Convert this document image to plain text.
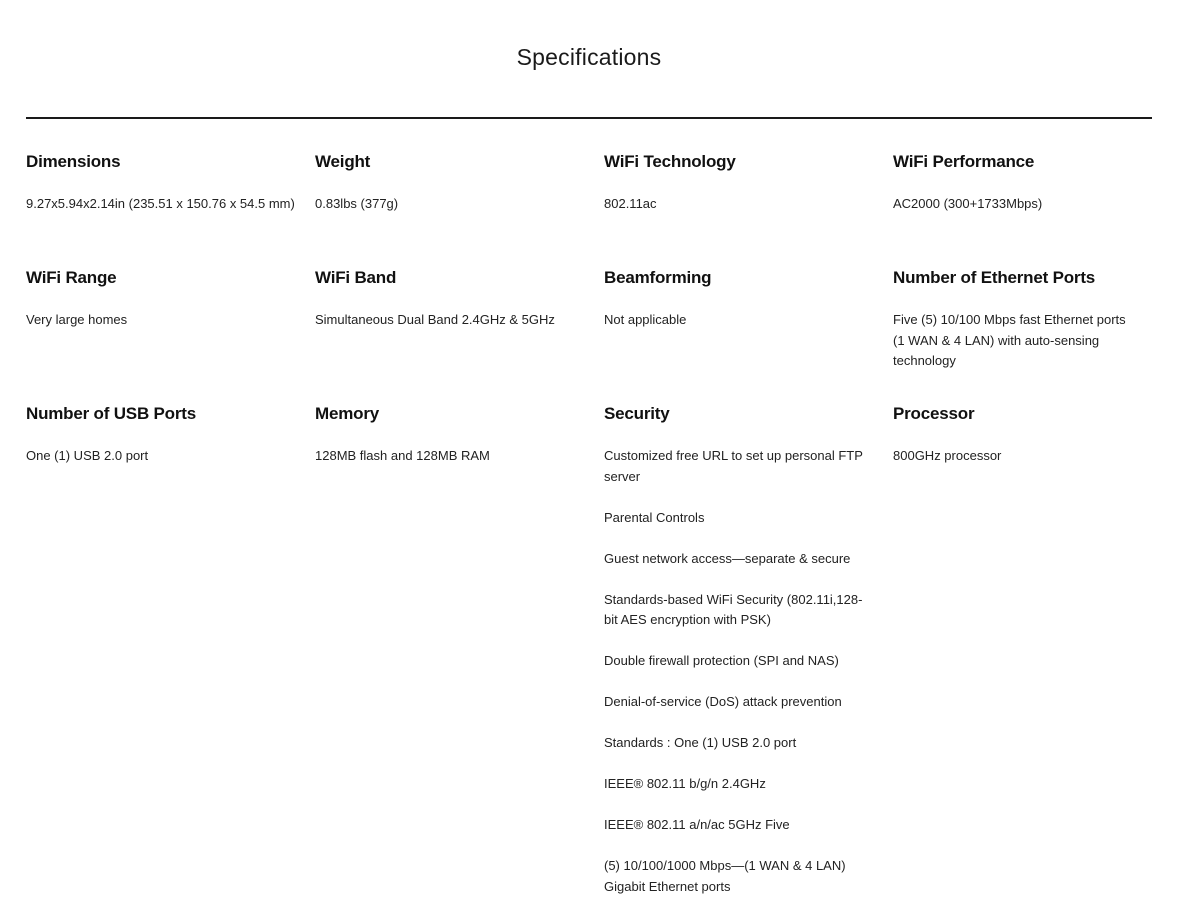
Specifications
Dimensions
9.27x5.94x2.14in (235.51 x 150.76 x 54.5 mm)
Weight
0.83lbs (377g)
WiFi Technology
802.11ac
WiFi Performance
AC2000 (300+1733Mbps)
WiFi Range
Very large homes
WiFi Band
Simultaneous Dual Band 2.4GHz & 5GHz
Beamforming
Not applicable
Number of Ethernet Ports
Five (5) 10/100 Mbps fast Ethernet ports (1 WAN & 4 LAN) with auto-sensing technology
Number of USB Ports
One (1) USB 2.0 port
Memory
128MB flash and 128MB RAM
Security
Customized free URL to set up personal FTP server
Parental Controls
Guest network access—separate & secure
Standards-based WiFi Security (802.11i,128-bit AES encryption with PSK)
Double firewall protection (SPI and NAS)
Denial-of-service (DoS) attack prevention
Standards : One (1) USB 2.0 port
IEEE® 802.11 b/g/n 2.4GHz
IEEE® 802.11 a/n/ac 5GHz Five
(5) 10/100/1000 Mbps—(1 WAN & 4 LAN) Gigabit Ethernet ports
Processor
800GHz processor
